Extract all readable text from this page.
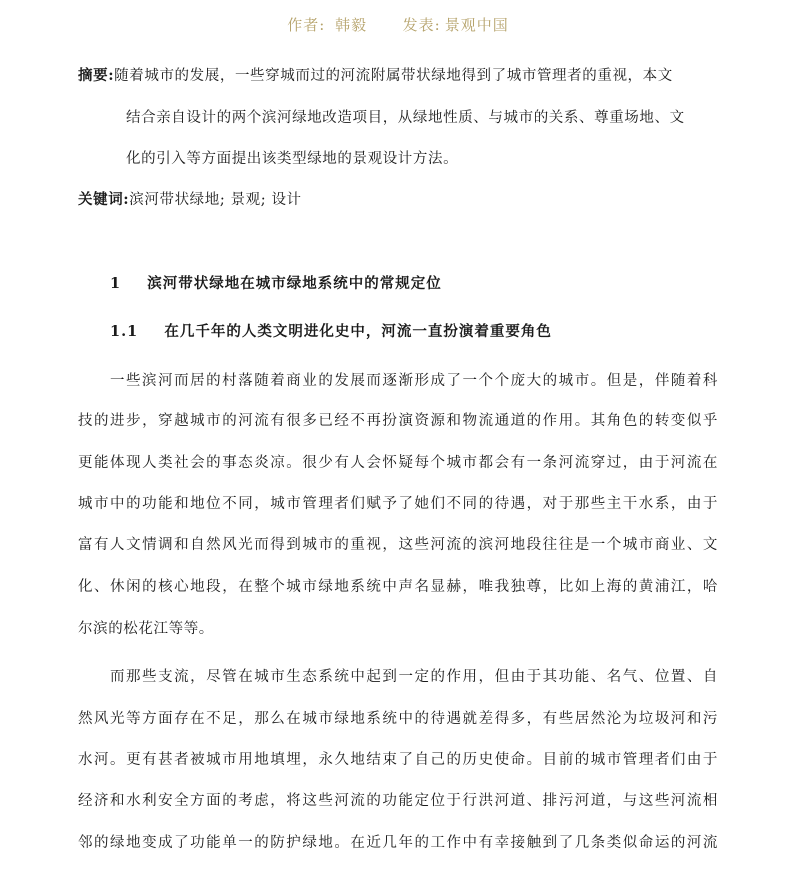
作者: 韩毅 发表: 景观中国
摘要:随着城市的发展，一些穿城而过的河流附属带状绿地得到了城市管理者的重视，本文
结合亲自设计的两个滨河绿地改造项目，从绿地性质、与城市的关系、尊重场地、文
化的引入等方面提出该类型绿地的景观设计方法。
关键词:滨河带状绿地; 景观; 设计
1 滨河带状绿地在城市绿地系统中的常规定位
1.1 在几千年的人类文明进化史中，河流一直扮演着重要角色
一些滨河而居的村落随着商业的发展而逐渐形成了一个个庞大的城市。但是，伴随着科
技的进步，穿越城市的河流有很多已经不再扮演资源和物流通道的作用。其角色的转变似乎
更能体现人类社会的事态炎凉。很少有人会怀疑每个城市都会有一条河流穿过，由于河流在
城市中的功能和地位不同，城市管理者们赋予了她们不同的待遇，对于那些主干水系，由于
富有人文情调和自然风光而得到城市的重视，这些河流的滨河地段往往是一个城市商业、文
化、休闲的核心地段，在整个城市绿地系统中声名显赫，唯我独尊，比如上海的黄浦江，哈
尔滨的松花江等等。
而那些支流，尽管在城市生态系统中起到一定的作用，但由于其功能、名气、位置、自
然风光等方面存在不足，那么在城市绿地系统中的待遇就差得多，有些居然沦为垃圾河和污
水河。更有甚者被城市用地填埋，永久地结束了自己的历史使命。目前的城市管理者们由于
经济和水利安全方面的考虑，将这些河流的功能定位于行洪河道、排污河道，与这些河流相
邻的绿地变成了功能单一的防护绿地。在近几年的工作中有幸接触到了几条类似命运的河流
